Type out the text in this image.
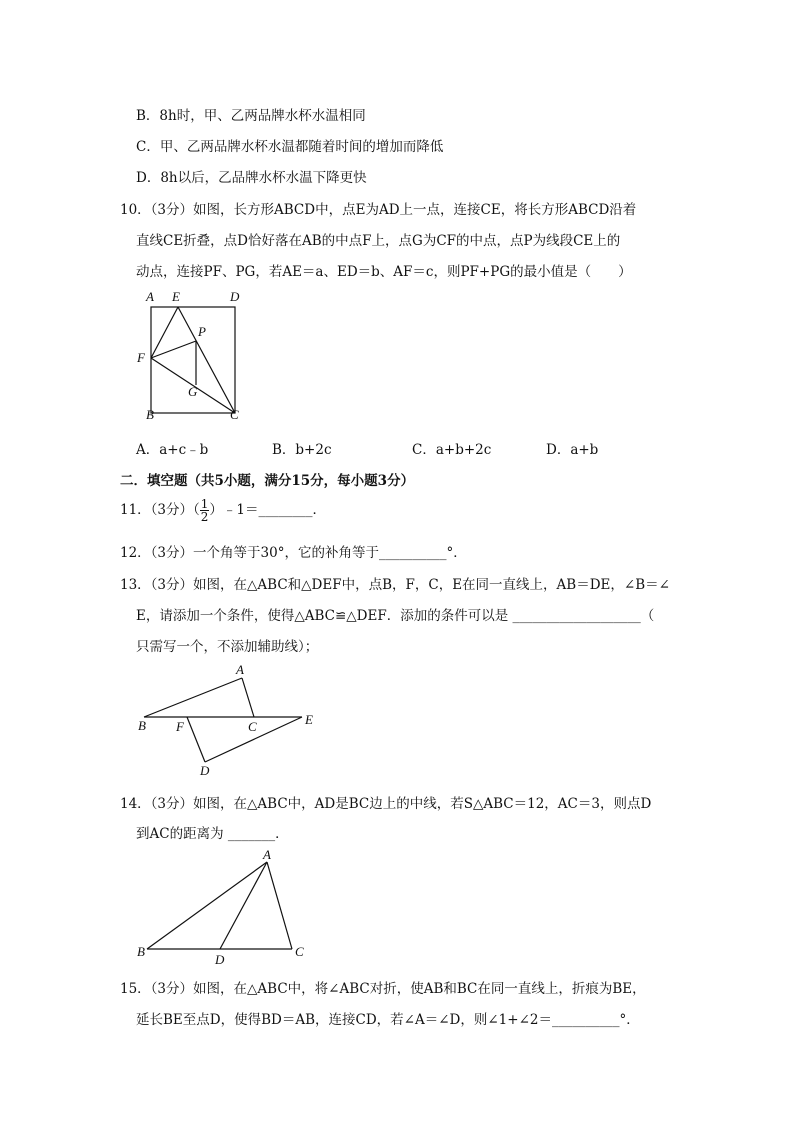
B．8h时，甲、乙两品牌水杯水温相同
C．甲、乙两品牌水杯水温都随着时间的增加而降低
D．8h以后，乙品牌水杯水温下降更快
10．（3分）如图，长方形ABCD中，点E为AD上一点，连接CE，将长方形ABCD沿着
直线CE折叠，点D恰好落在AB的中点F上，点G为CF的中点，点P为线段CE上的
动点，连接PF、PG，若AE＝a、ED＝b、AF＝c，则PF+PG的最小值是（　　）
A E	D
P
F
G
B	C
A．a+c﹣b	B．b+2c	C．a+b+2c	D．a+b
二．填空题（共5小题，满分15分，每小题3分）
11．（3分）（ $\frac{1}{2}$ ）﹣1＝________．
12．（3分）一个角等于30°，它的补角等于__________°．
13．（3分）如图，在△ABC和△DEF中，点B，F，C，E在同一直线上，AB＝DE，∠B＝∠
E，请添加一个条件，使得△ABC≌△DEF．添加的条件可以是 ___________________（
只需写一个，不添加辅助线）；
A
B F	C	E
D
14．（3分）如图，在△ABC中，AD是BC边上的中线，若S△ABC＝12，AC＝3，则点D
到AC的距离为 _______．
A
B
D
C
15．（3分）如图，在△ABC中，将∠ABC对折，使AB和BC在同一直线上，折痕为BE，
延长BE至点D，使得BD＝AB，连接CD，若∠A＝∠D，则∠1+∠2＝__________°．
